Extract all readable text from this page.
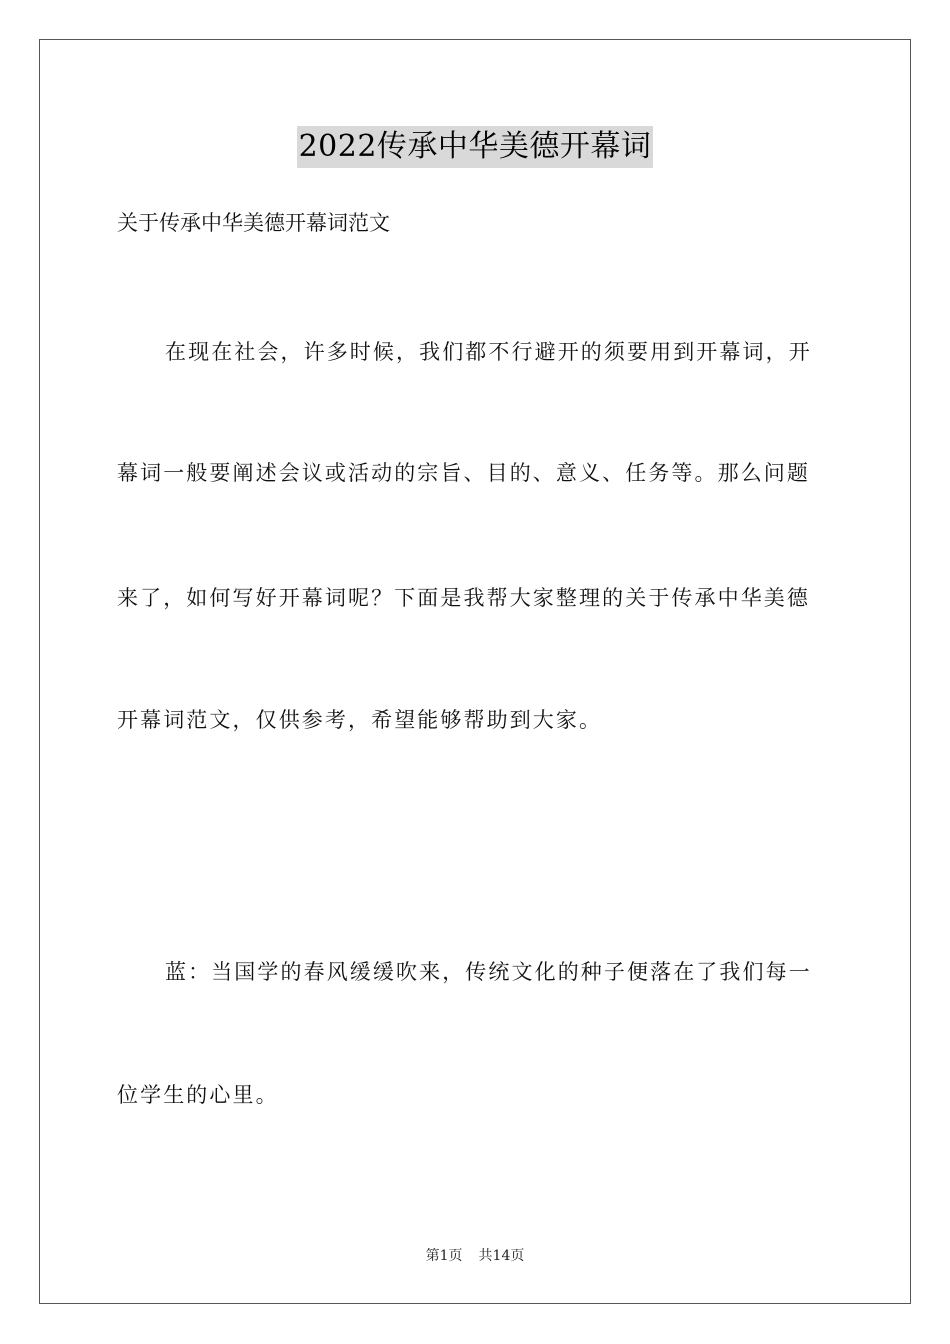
2022传承中华美德开幕词
关于传承中华美德开幕词范文
在现在社会，许多时候，我们都不行避开的须要用到开幕词，开
幕词一般要阐述会议或活动的宗旨、目的、意义、任务等。那么问题
来了，如何写好开幕词呢？下面是我帮大家整理的关于传承中华美德
开幕词范文，仅供参考，希望能够帮助到大家。
蓝：当国学的春风缓缓吹来，传统文化的种子便落在了我们每一
位学生的心里。
第1页 共14页
